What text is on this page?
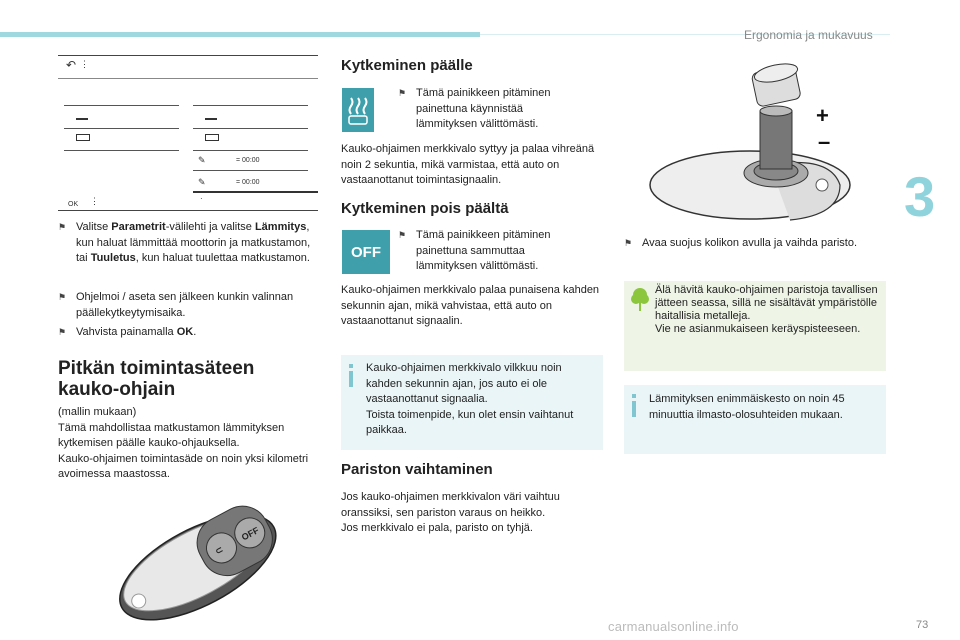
Ergonomia ja mukavuus
3
73
carmanualsonline.info
↶ ⋮
✎	= 00:00
✎	= 00:00
OK ⋮	·
⚑ Valitse Parametrit-välilehti ja valitse Lämmitys, kun haluat lämmittää moottorin ja matkustamon, tai Tuuletus, kun haluat tuulettaa matkustamon.
⚑ Ohjelmoi / aseta sen jälkeen kunkin valinnan päällekytkeytymisaika.
⚑ Vahvista painamalla OK.
Pitkän toimintasäteen
kauko-ohjain
(mallin mukaan)
Tämä mahdollistaa matkustamon lämmityksen kytkemisen päälle kauko-ohjauksella.
Kauko-ohjaimen toimintasäde on noin yksi kilometri avoimessa maastossa.
⊂
OFF
Kytkeminen päälle
⚑ Tämä painikkeen pitäminen painettuna käynnistää lämmityksen välittömästi.
Kauko-ohjaimen merkkivalo syttyy ja palaa vihreänä noin 2 sekuntia, mikä varmistaa, että auto on vastaanottanut toimintasignaalin.
Kytkeminen pois päältä
OFF
⚑ Tämä painikkeen pitäminen painettuna sammuttaa lämmityksen välittömästi.
Kauko-ohjaimen merkkivalo palaa punaisena kahden sekunnin ajan, mikä vahvistaa, että auto on vastaanottanut signaalin.
Kauko-ohjaimen merkkivalo vilkkuu noin kahden sekunnin ajan, jos auto ei ole vastaanottanut signaalia.
Toista toimenpide, kun olet ensin vaihtanut paikkaa.
Pariston vaihtaminen
Jos kauko-ohjaimen merkkivalon väri vaihtuu oranssiksi, sen pariston varaus on heikko.
Jos merkkivalo ei pala, paristo on tyhjä.
+
–
⚑ Avaa suojus kolikon avulla ja vaihda paristo.
Älä hävitä kauko-ohjaimen paristoja tavallisen jätteen seassa, sillä ne sisältävät ympäristölle haitallisia metalleja.
Vie ne asianmukaiseen keräyspisteeseen.
Lämmityksen enimmäiskesto on noin 45 minuuttia ilmasto-olosuhteiden mukaan.
